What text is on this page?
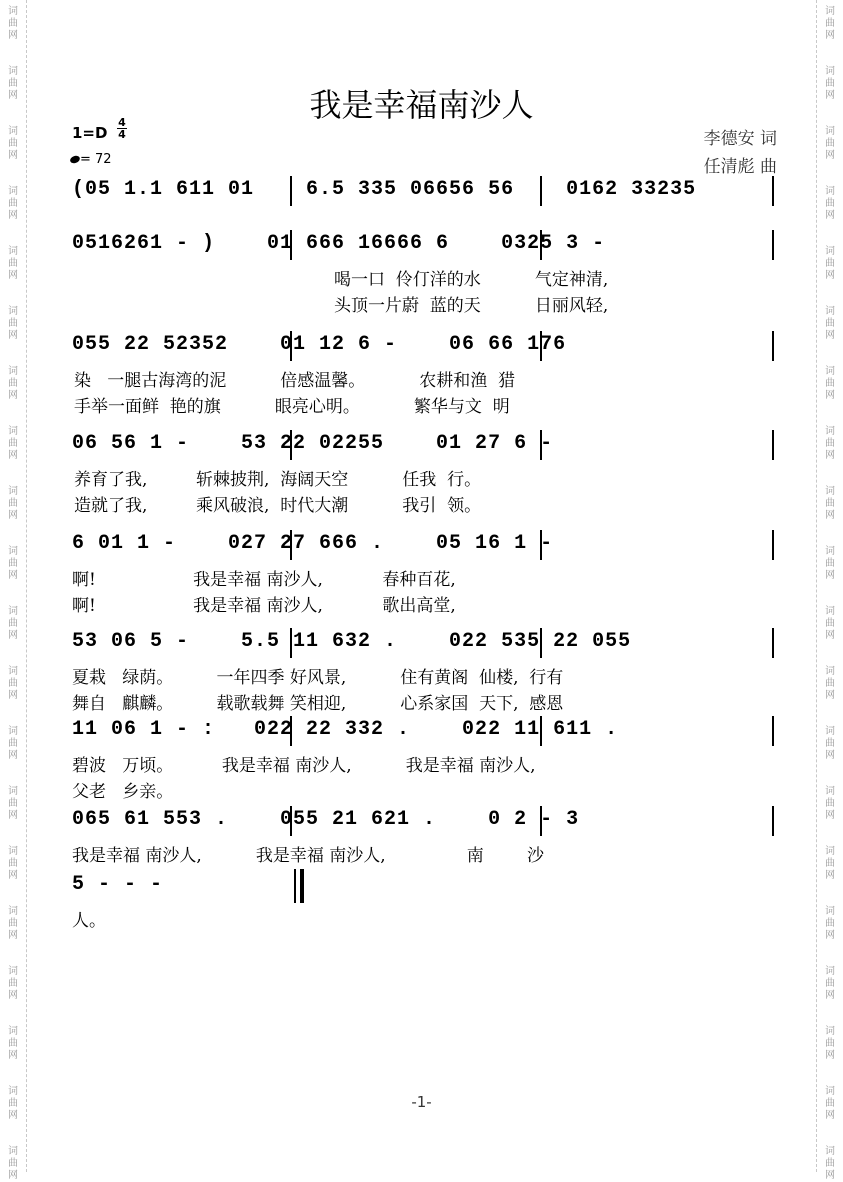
词
曲
网
词
曲
网
词
曲
网
词
曲
网
词
曲
网
词
曲
网
词
曲
网
词
曲
网
词
曲
网
词
曲
网
词
曲
网
词
曲
网
词
曲
网
词
曲
网
词
曲
网
词
曲
网
词
曲
网
词
曲
网
词
曲
网
词
曲
网
词
曲
网
词
曲
网
词
曲
网
词
曲
网
词
曲
网
词
曲
网
词
曲
网
词
曲
网
词
曲
网
词
曲
网
词
曲
网
词
曲
网
词
曲
网
词
曲
网
词
曲
网
词
曲
网
词
曲
网
词
曲
网
词
曲
网
词
曲
网
我是幸福南沙人
1=D
4
4
= 72
李德安 词
任清彪 曲
(05 1.1 611 01    6.5 335 06656 56    0162 33235
0516261 - )    01 666 16666 6    0325 3 -
喝一口  伶仃洋的水          气定神清,
头顶一片蔚  蓝的天          日丽风轻,
055 22 52352    01 12 6 -    06 66 176
染   一腿古海湾的泥          倍感温馨。          农耕和渔  猎
手举一面鲜  艳的旗          眼亮心明。          繁华与文  明
06 56 1 -    53 22 02255    01 27 6 -
养育了我,         斩棘披荆,  海阔天空          任我  行。
造就了我,         乘风破浪,  时代大潮          我引  领。
6 01 1 -    027 27 666 .    05 16 1 -
啊!                  我是幸福 南沙人,           春种百花,
啊!                  我是幸福 南沙人,           歌出高堂,
53 06 5 -    5.5 11 632 .    022 535 22 055
夏栽   绿荫。        一年四季 好风景,          住有黄阁  仙楼,  行有
舞自   麒麟。        载歌载舞 笑相迎,          心系家国  天下,  感恩
11 06 1 - :   022 22 332 .    022 11 611 .
碧波   万顷。         我是幸福 南沙人,          我是幸福 南沙人,
父老   乡亲。
065 61 553 .    055 21 621 .    0 2 - 3
我是幸福 南沙人,          我是幸福 南沙人,               南        沙
5 - - -
人。
-1-
